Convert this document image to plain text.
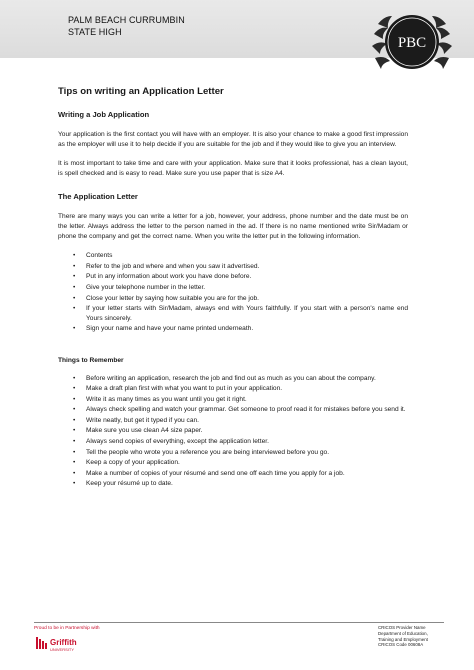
PALM BEACH CURRUMBIN
STATE HIGH
PBC
Tips on writing an Application Letter
Writing a Job Application

Your application is the first contact you will have with an employer. It is also your chance to make a good first impression as the employer will use it to help decide if you are suitable for the job and if they would like to give you an interview.

It is most important to take time and care with your application. Make sure that it looks professional, has a clean layout, is spell checked and is easy to read. Make sure you use paper that is size A4.

The Application Letter

There are many ways you can write a letter for a job, however, your address, phone number and the date must be on the letter. Always address the letter to the person named in the ad. If there is no name mentioned write Sir/Madam or phone the company and get the correct name. When you write the letter put in the following information.

• Contents
• Refer to the job and where and when you saw it advertised.
• Put in any information about work you have done before.
• Give your telephone number in the letter.
• Close your letter by saying how suitable you are for the job.
• If your letter starts with Sir/Madam, always end with Yours faithfully. If you start with a person's name end Yours sincerely.
• Sign your name and have your name printed underneath.
Things to Remember
• Before writing an application, research the job and find out as much as you can about the company.
• Make a draft plan first with what you want to put in your application.
• Write it as many times as you want until you get it right.
• Always check spelling and watch your grammar. Get someone to proof read it for mistakes before you send it.
• Write neatly, but get it typed if you can.
• Make sure you use clean A4 size paper.
• Always send copies of everything, except the application letter.
• Tell the people who wrote you a reference you are being interviewed before you go.
• Keep a copy of your application.
• Make a number of copies of your résumé and send one off each time you apply for a job.
• Keep your résumé up to date.
Proud to be in Partnership with
Griffith
UNIVERSITY
CRICOS Provider Name
Department of Education,
Training and Employment
CRICOS Code 00608A
